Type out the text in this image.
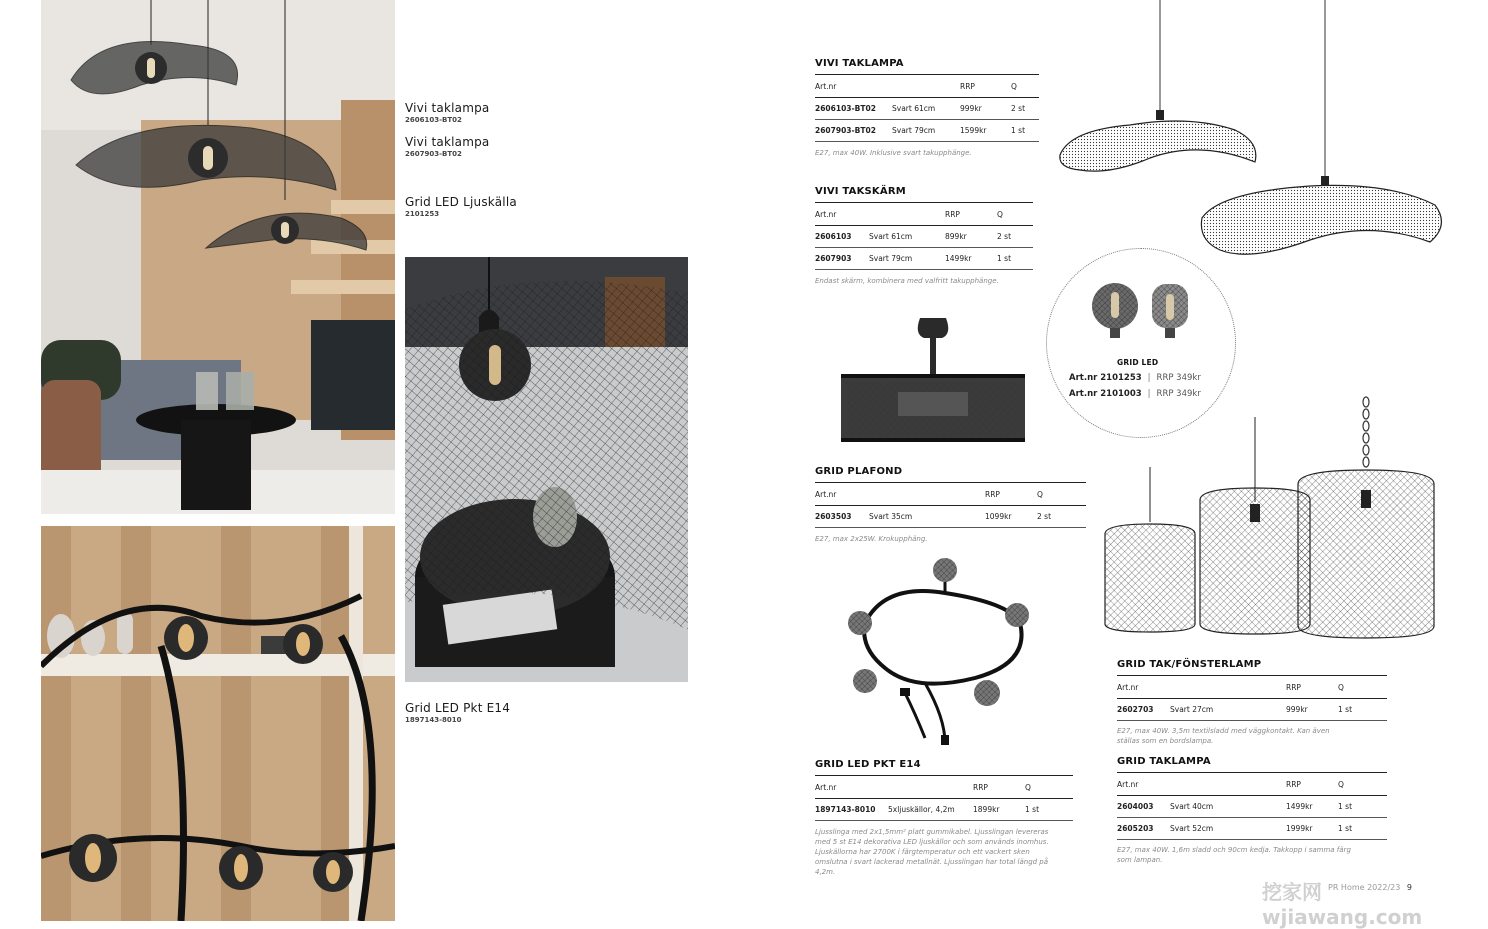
Vivi taklampa
2606103-BT02
Vivi taklampa
2607903-BT02
Grid LED Ljuskälla
2101253
Grid LED Pkt E14
1897143-8010
VIVI TAKLAMPA
Art.nr		RRP	Q
2606103-BT02	Svart 61cm	999kr	2 st
2607903-BT02	Svart 79cm	1599kr	1 st
E27, max 40W. Inklusive svart takupphänge.
VIVI TAKSKÄRM
Art.nr		RRP	Q
2606103	Svart 61cm	899kr	2 st
2607903	Svart 79cm	1499kr	1 st
Endast skärm, kombinera med valfritt takupphänge.
GRID PLAFOND
Art.nr		RRP	Q
2603503	Svart 35cm	1099kr	2 st
E27, max 2x25W. Krokupphäng.
GRID LED PKT E14
Art.nr		RRP	Q
1897143-8010	5xljuskällor, 4,2m	1899kr	1 st
Ljusslinga med 2x1,5mm² platt gummikabel. Ljusslingan levereras med 5 st E14 dekorativa LED ljuskällor och som används inomhus. Ljuskällorna har 2700K i färgtemperatur och ett vackert sken omslutna i svart lackerad metallnät. Ljusslingan har total längd på 4,2m.
GRID TAK/FÖNSTERLAMP
Art.nr		RRP	Q
2602703	Svart 27cm	999kr	1 st
E27, max 40W. 3,5m textilsladd med väggkontakt. Kan även ställas som en bordslampa.
GRID TAKLAMPA
Art.nr		RRP	Q
2604003	Svart 40cm	1499kr	1 st
2605203	Svart 52cm	1999kr	1 st
E27, max 40W. 1,6m sladd och 90cm kedja. Takkopp i samma färg som lampan.
GRID LED
Art.nr 2101253 | RRP 349kr
Art.nr 2101003 | RRP 349kr
PR Home 2022/23 9
挖家网 wjiawang.com
